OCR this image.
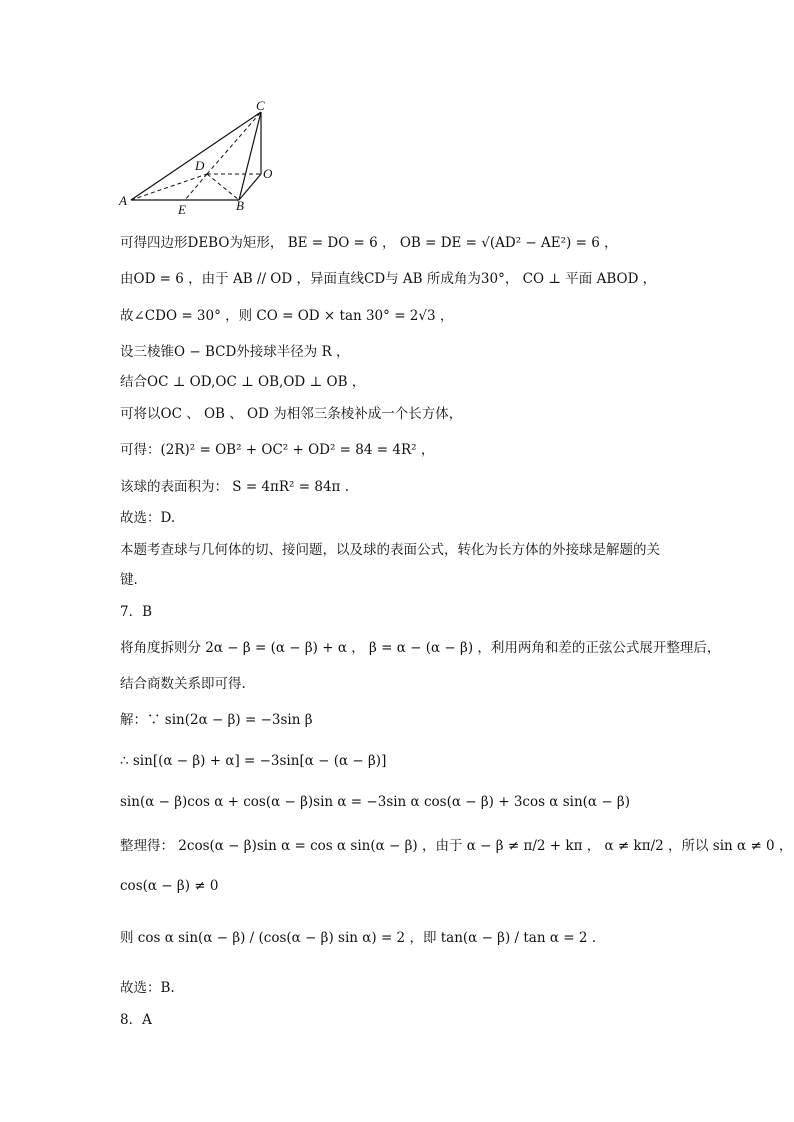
C
D
O
A
E	B
可得四边形DEBO为矩形， BE = DO = 6 ， OB = DE = √(AD² − AE²) = 6 ，
由OD = 6 ，由于 AB // OD ，异面直线CD与 AB 所成角为30°， CO ⊥ 平面 ABOD ，
故∠CDO = 30° ，则 CO = OD × tan 30° = 2√3 ，
设三棱锥O − BCD外接球半径为 R ，
结合OC ⊥ OD,OC ⊥ OB,OD ⊥ OB ，
可将以OC 、 OB 、 OD 为相邻三条棱补成一个长方体，
可得：(2R)² = OB² + OC² + OD² = 84 = 4R² ，
该球的表面积为： S = 4πR² = 84π .
故选：D.
本题考查球与几何体的切、接问题，以及球的表面公式，转化为长方体的外接球是解题的关
键.
7．B
将角度拆则分 2α − β = (α − β) + α ， β = α − (α − β) ，利用两角和差的正弦公式展开整理后，
结合商数关系即可得.
解：∵ sin(2α − β) = −3sin β
∴ sin[(α − β) + α] = −3sin[α − (α − β)]
sin(α − β)cos α + cos(α − β)sin α = −3sin α cos(α − β) + 3cos α sin(α − β)
整理得： 2cos(α − β)sin α = cos α sin(α − β) ，由于 α − β ≠ π/2 + kπ ， α ≠ kπ/2 ，所以 sin α ≠ 0 ，
cos(α − β) ≠ 0
则 cos α sin(α − β) / (cos(α − β) sin α) = 2 ，即 tan(α − β) / tan α = 2 .
故选：B.
8．A
